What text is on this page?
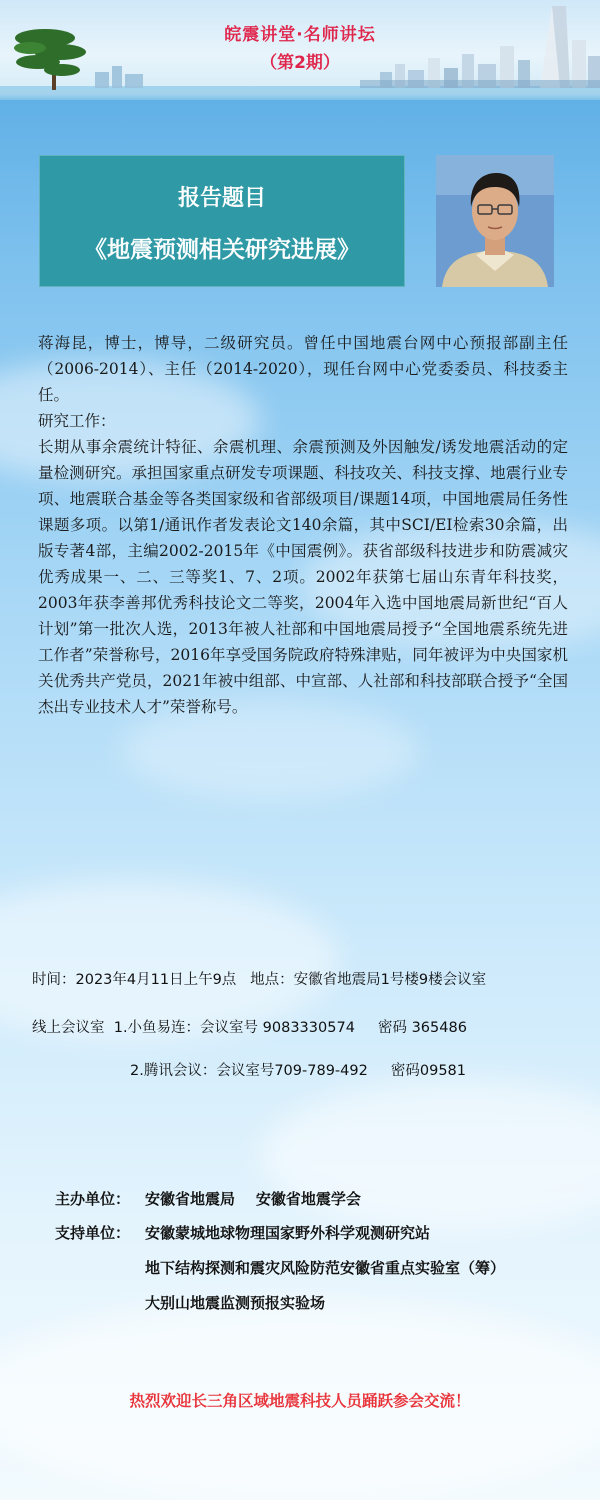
皖震讲堂·名师讲坛
（第2期）
报告题目
《地震预测相关研究进展》

蒋海昆，博士，博导，二级研究员。曾任中国地震台网中心预报部副主任（2006-2014）、主任（2014-2020），现任台网中心党委委员、科技委主任。

研究工作：

长期从事余震统计特征、余震机理、余震预测及外因触发/诱发地震活动的定量检测研究。承担国家重点研发专项课题、科技攻关、科技支撑、地震行业专项、地震联合基金等各类国家级和省部级项目/课题14项，中国地震局任务性课题多项。以第1/通讯作者发表论文140余篇，其中SCI/EI检索30余篇，出版专著4部，主编2002-2015年《中国震例》。获省部级科技进步和防震减灾优秀成果一、二、三等奖1、7、2项。2002年获第七届山东青年科技奖，2003年获李善邦优秀科技论文二等奖，2004年入选中国地震局新世纪“百人计划”第一批次人选，2013年被人社部和中国地震局授予“全国地震系统先进工作者”荣誉称号，2016年享受国务院政府特殊津贴，同年被评为中央国家机关优秀共产党员，2021年被中组部、中宣部、人社部和科技部联合授予“全国杰出专业技术人才”荣誉称号。

时间：2023年4月11日上午9点   地点：安徽省地震局1号楼9楼会议室
线上会议室  1.小鱼易连：会议室号 9083330574     密码 365486
2.腾讯会议：会议室号709-789-492     密码09581
主办单位： 安徽省地震局    安徽省地震学会
支持单位： 安徽蒙城地球物理国家野外科学观测研究站
地下结构探测和震灾风险防范安徽省重点实验室（筹）
大别山地震监测预报实验场
热烈欢迎长三角区域地震科技人员踊跃参会交流！
